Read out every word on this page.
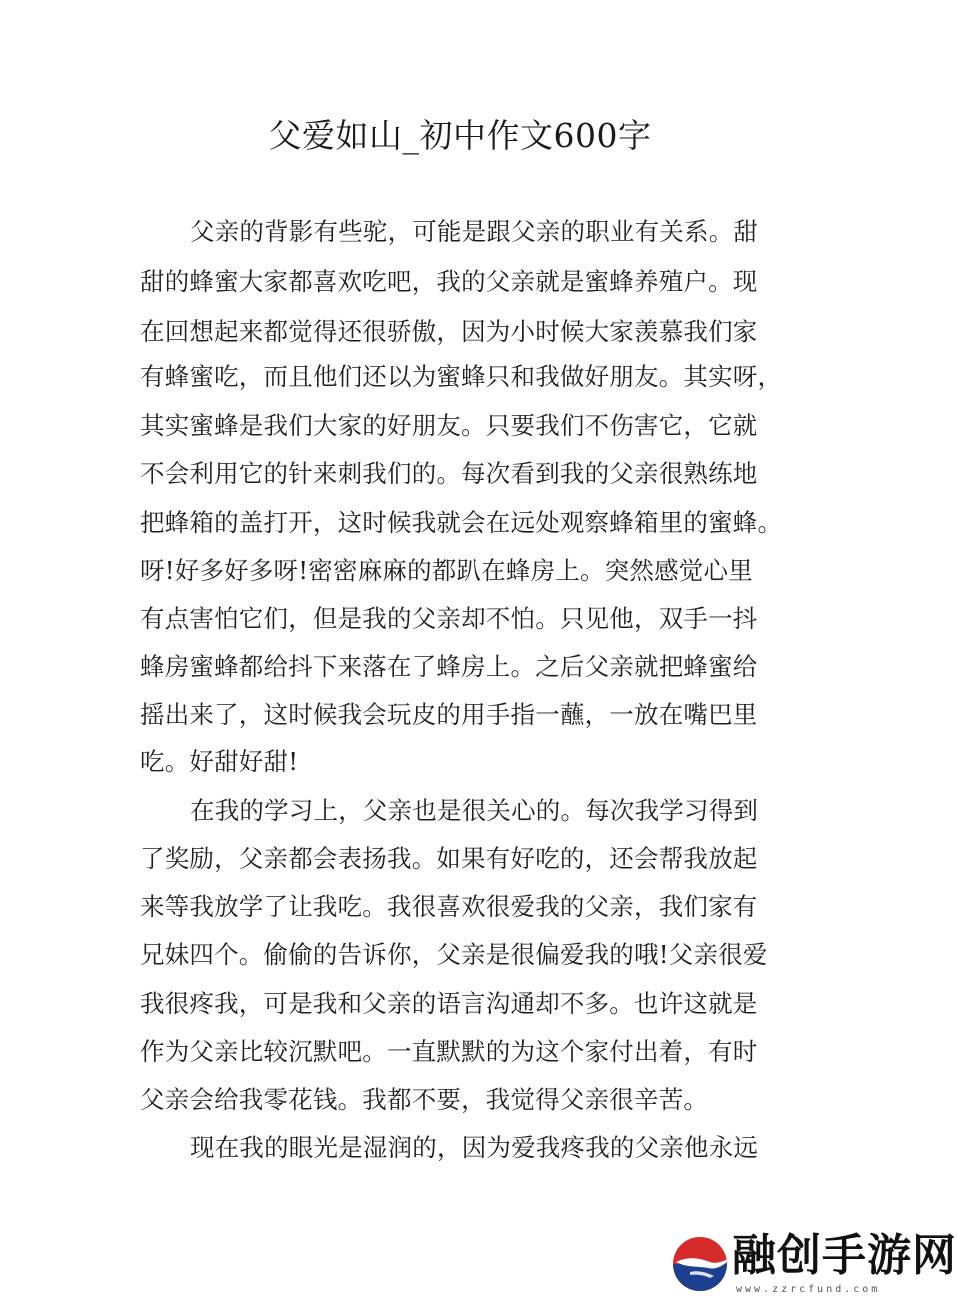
父爱如山_初中作文600字
父亲的背影有些驼，可能是跟父亲的职业有关系。甜
甜的蜂蜜大家都喜欢吃吧，我的父亲就是蜜蜂养殖户。现
在回想起来都觉得还很骄傲，因为小时候大家羡慕我们家
有蜂蜜吃，而且他们还以为蜜蜂只和我做好朋友。其实呀，
其实蜜蜂是我们大家的好朋友。只要我们不伤害它，它就
不会利用它的针来刺我们的。每次看到我的父亲很熟练地
把蜂箱的盖打开，这时候我就会在远处观察蜂箱里的蜜蜂。
呀!好多好多呀!密密麻麻的都趴在蜂房上。突然感觉心里
有点害怕它们，但是我的父亲却不怕。只见他，双手一抖
蜂房蜜蜂都给抖下来落在了蜂房上。之后父亲就把蜂蜜给
摇出来了，这时候我会玩皮的用手指一蘸，一放在嘴巴里
吃。好甜好甜!
在我的学习上，父亲也是很关心的。每次我学习得到
了奖励，父亲都会表扬我。如果有好吃的，还会帮我放起
来等我放学了让我吃。我很喜欢很爱我的父亲，我们家有
兄妹四个。偷偷的告诉你，父亲是很偏爱我的哦!父亲很爱
我很疼我，可是我和父亲的语言沟通却不多。也许这就是
作为父亲比较沉默吧。一直默默的为这个家付出着，有时
父亲会给我零花钱。我都不要，我觉得父亲很辛苦。
现在我的眼光是湿润的，因为爱我疼我的父亲他永远
融创手游网
www.zzrcfund.com
